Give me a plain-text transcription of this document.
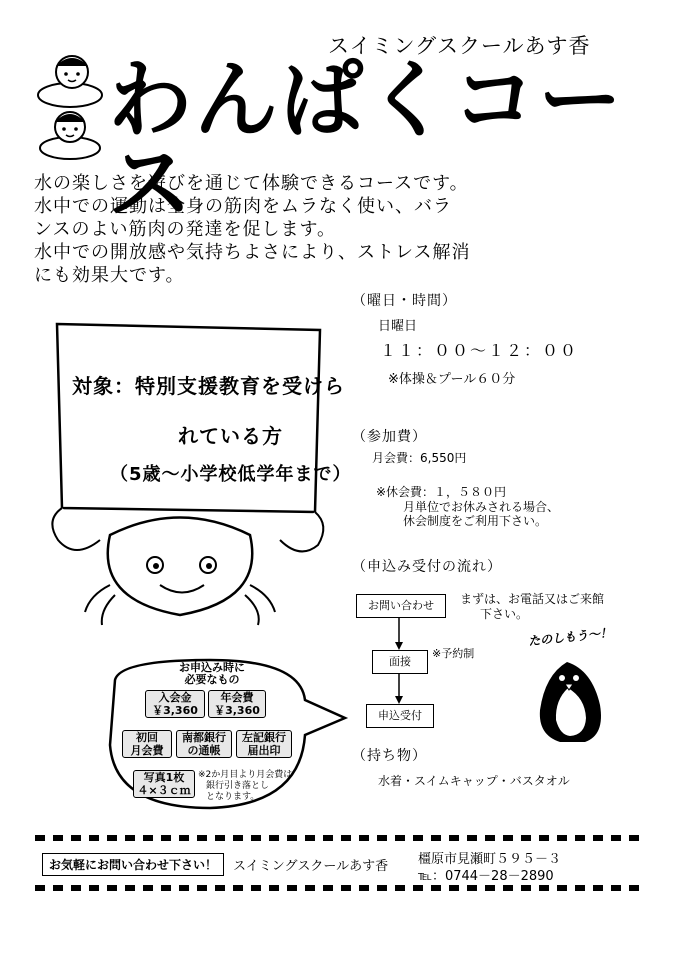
スイミングスクールあす香
わんぱくコース
水の楽しさを遊びを通じて体験できるコースです。
水中での運動は全身の筋肉をムラなく使い、バラ
ンスのよい筋肉の発達を促します。
水中での開放感や気持ちよさにより、ストレス解消
にも効果大です。
対象：特別支援教育を受けら
れている方
（5歳～小学校低学年まで）
（曜日・時間）
日曜日
１１：００～１２：００
※体操＆プール６０分
（参加費）
月会費：6,550円
※休会費：１，５８０円
月単位でお休みされる場合、
休会制度をご利用下さい。
（申込み受付の流れ）
お問い合わせ	まずは、お電話又はご来館
下さい。
面接
※予約制
申込受付
（持ち物）
水着・スイムキャップ・バスタオル
たのしもう～！
お申込み時に
必要なもの
入会金
￥3,360
年会費
￥3,360
初回
月会費
南都銀行
の通帳
左記銀行
届出印
写真1枚
４×３ｃｍ
※2か月目より月会費は
銀行引き落とし
となります。
お気軽にお問い合わせ下さい！	スイミングスクールあす香 橿原市見瀬町５９５－３
℡：0744－28－2890
